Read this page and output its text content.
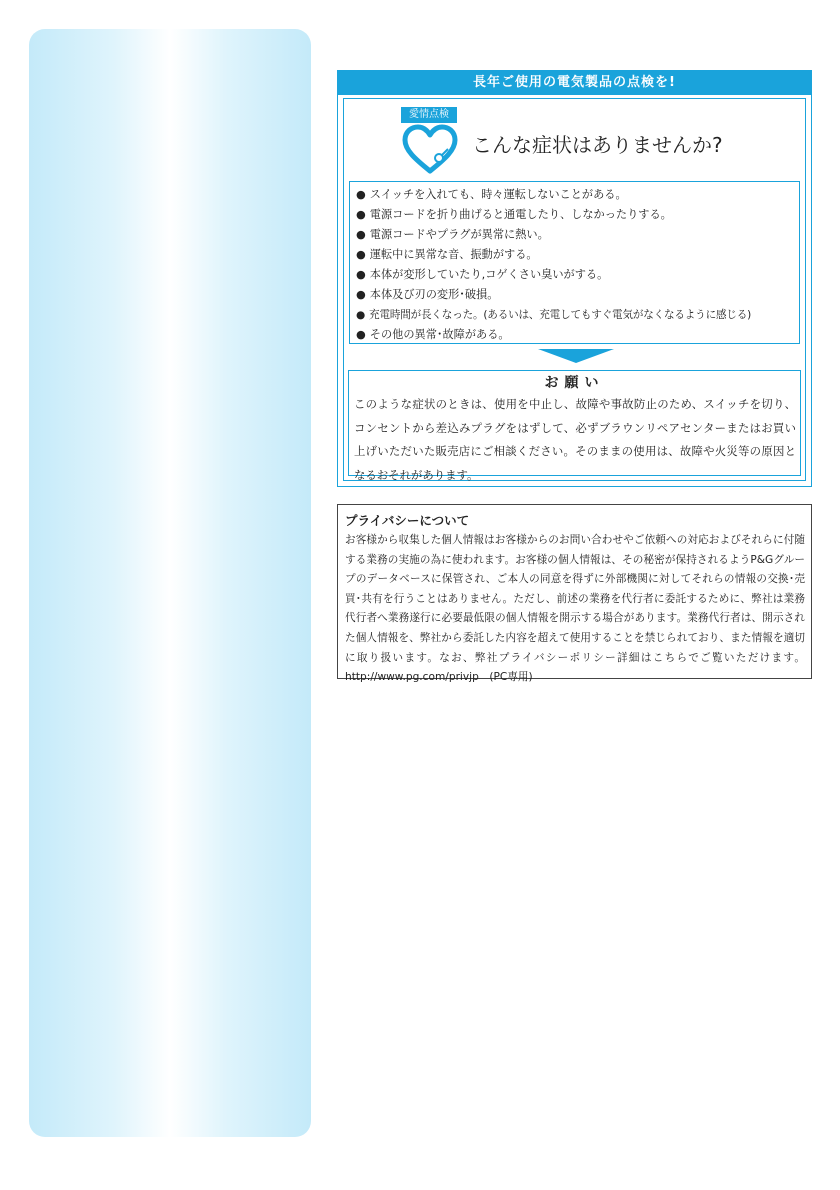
長年ご使用の電気製品の点検を!
愛情点検
こんな症状はありませんか?
● スイッチを入れても、時々運転しないことがある。
● 電源コードを折り曲げると通電したり、しなかったりする。
● 電源コードやプラグが異常に熱い。
● 運転中に異常な音、振動がする。
● 本体が変形していたり,コゲくさい臭いがする。
● 本体及び刃の変形･破損。
● 充電時間が長くなった。(あるいは、充電してもすぐ電気がなくなるように感じる)
● その他の異常･故障がある。
お願い
このような症状のときは、使用を中止し、故障や事故防止のため、スイッチを切り、コンセントから差込みプラグをはずして、必ずブラウンリペアセンターまたはお買い上げいただいた販売店にご相談ください。そのままの使用は、故障や火災等の原因となるおそれがあります。
プライバシーについて
お客様から収集した個人情報はお客様からのお問い合わせやご依頼への対応およびそれらに付随する業務の実施の為に使われます。お客様の個人情報は、その秘密が保持されるようP&Gグループのデータベースに保管され、ご本人の同意を得ずに外部機関に対してそれらの情報の交換･売買･共有を行うことはありません。ただし、前述の業務を代行者に委託するために、弊社は業務代行者へ業務遂行に必要最低限の個人情報を開示する場合があります。業務代行者は、開示された個人情報を、弊社から委託した内容を超えて使用することを禁じられており、また情報を適切に取り扱います。なお、弊社プライバシーポリシー詳細はこちらでご覧いただけます。http://www.pg.com/privjp　(PC専用)
